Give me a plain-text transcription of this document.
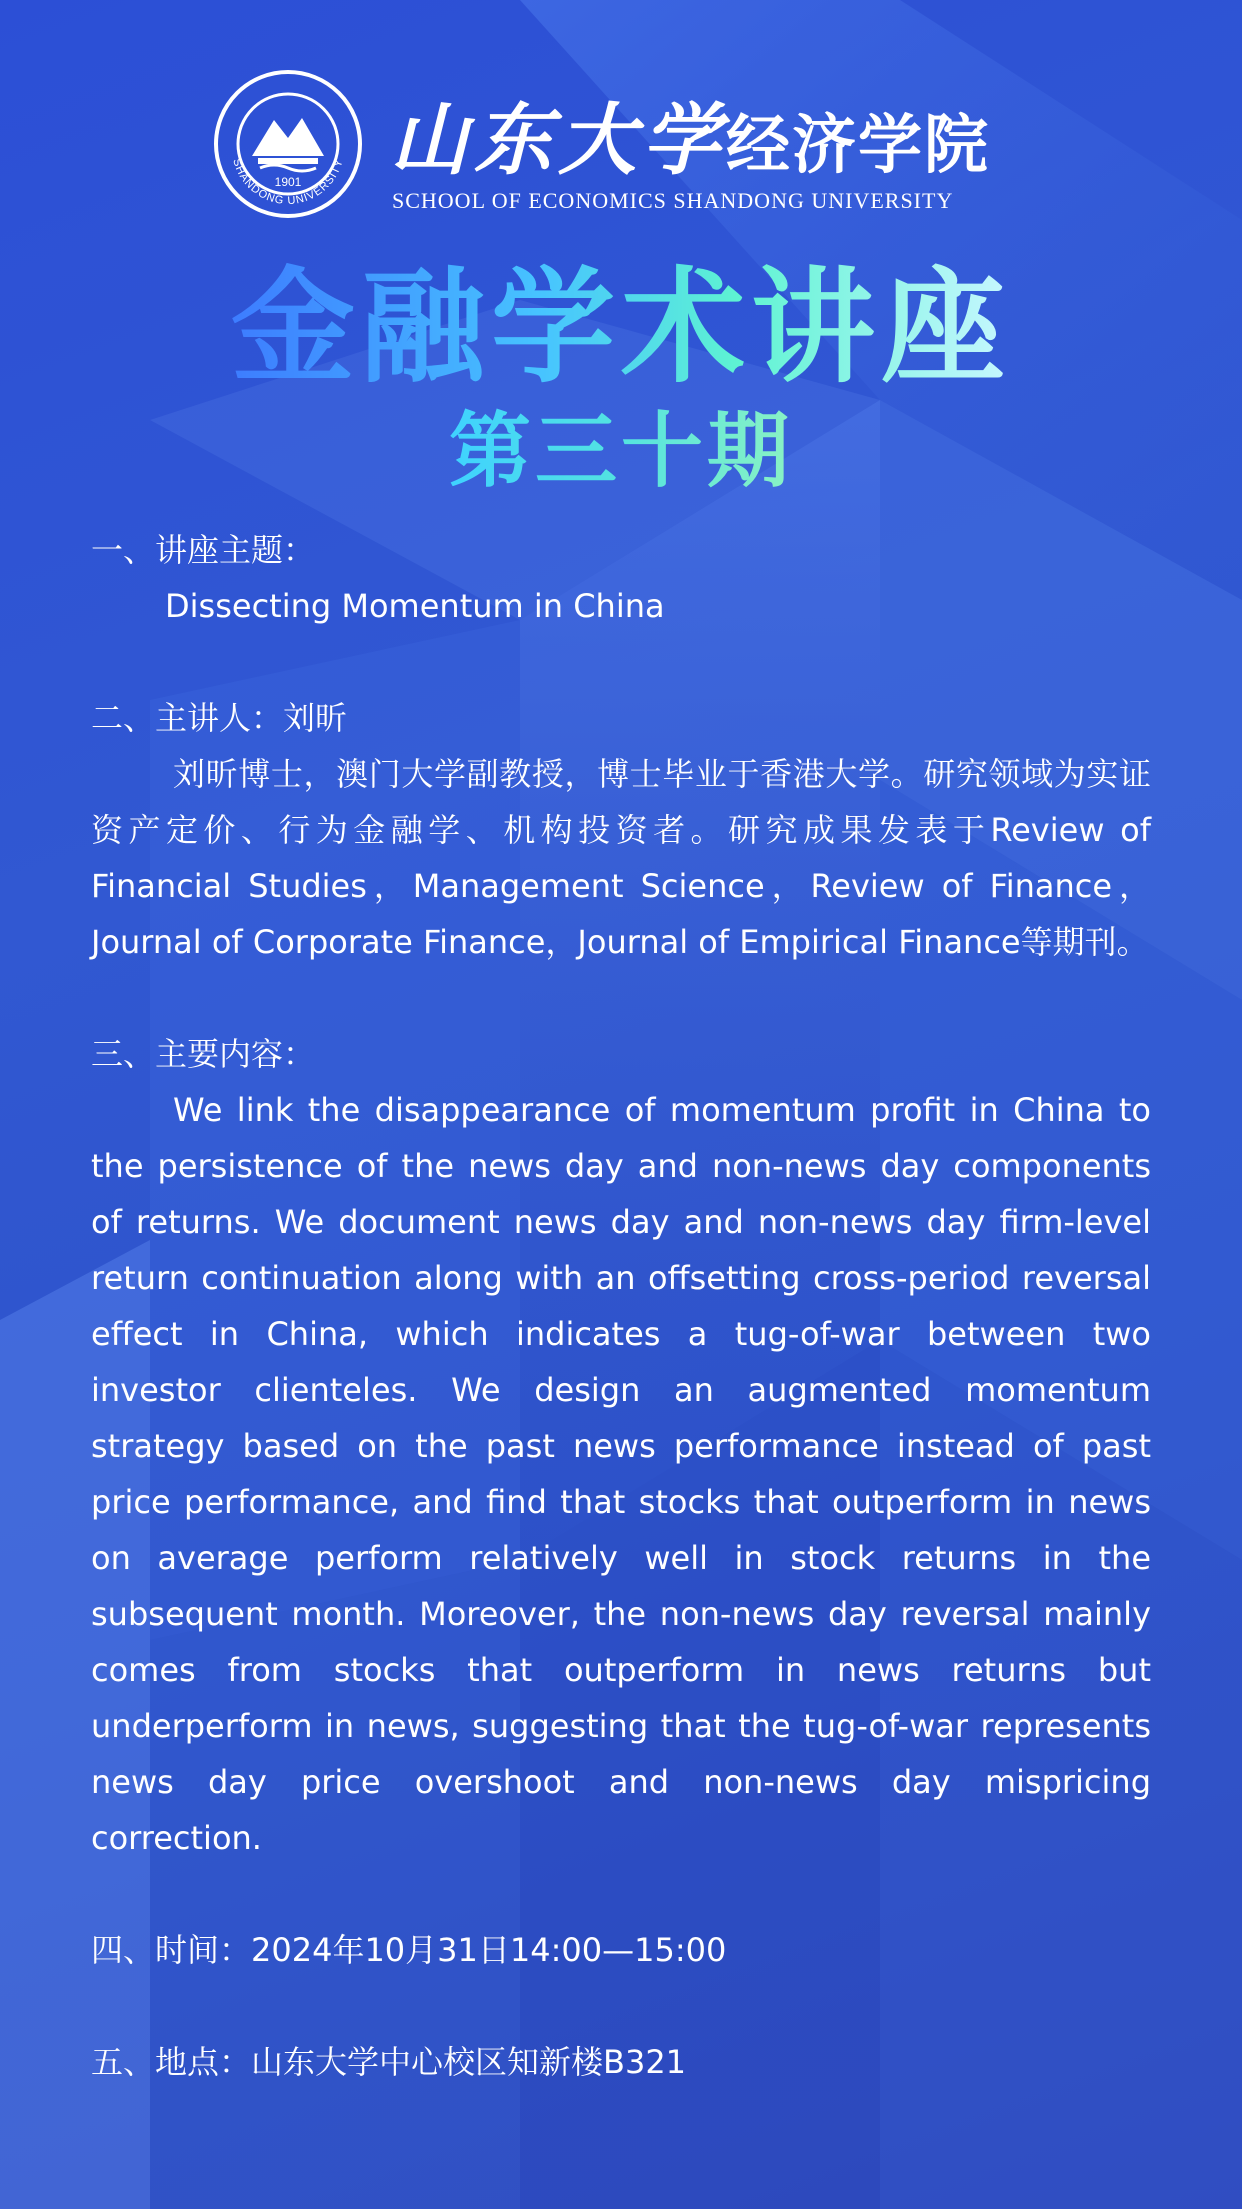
1901
SHANDONG UNIVERSITY 山东大学经济学院
SCHOOL OF ECONOMICS SHANDONG UNIVERSITY
金融学术讲座
第三十期

一、讲座主题：

Dissecting Momentum in China

二、主讲人：刘昕

刘昕博士，澳门大学副教授，博士毕业于香港大学。研究领域为实证资产定价、行为金融学、机构投资者。研究成果发表于Review of Financial Studies，Management Science，Review of Finance，Journal of Corporate Finance，Journal of Empirical Finance等期刊。

三、主要内容：

We link the disappearance of momentum profit in China to the persistence of the news day and non-news day components of returns. We document news day and non-news day firm-level return continuation along with an offsetting cross-period reversal effect in China, which indicates a tug-of-war between two investor clienteles. We design an augmented momentum strategy based on the past news performance instead of past price performance, and find that stocks that outperform in news on average perform relatively well in stock returns in the subsequent month. Moreover, the non-news day reversal mainly comes from stocks that outperform in news returns but underperform in news, suggesting that the tug-of-war represents news day price overshoot and non-news day mispricing correction.

四、时间：2024年10月31日14:00—15:00

五、地点：山东大学中心校区知新楼B321
